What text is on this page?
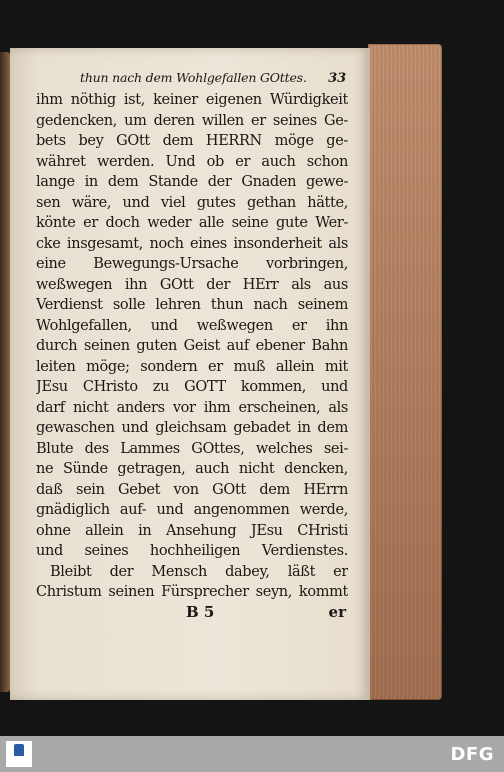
thun nach dem Wohlgefallen GOttes. 33
ihm nöthig ist, keiner eigenen Würdigkeit
gedencken, um deren willen er seines Ge-
bets bey GOtt dem HERRN möge ge-
währet werden. Und ob er auch schon
lange in dem Stande der Gnaden gewe-
sen wäre, und viel gutes gethan hätte,
könte er doch weder alle seine gute Wer-
cke insgesamt, noch eines insonderheit als
eine Bewegungs-Ursache vorbringen,
weßwegen ihn GOtt der HErr als aus
Verdienst solle lehren thun nach seinem
Wohlgefallen, und weßwegen er ihn
durch seinen guten Geist auf ebener Bahn
leiten möge; sondern er muß allein mit
JEsu CHristo zu GOTT kommen, und
darf nicht anders vor ihm erscheinen, als
gewaschen und gleichsam gebadet in dem
Blute des Lammes GOttes, welches sei-
ne Sünde getragen, auch nicht dencken,
daß sein Gebet von GOtt dem HErrn
gnädiglich auf- und angenommen werde,
ohne allein in Ansehung JEsu CHristi
und seines hochheiligen Verdienstes.
Bleibt der Mensch dabey, läßt er
Christum seinen Fürsprecher seyn, kommt
B 5	er
DFG
